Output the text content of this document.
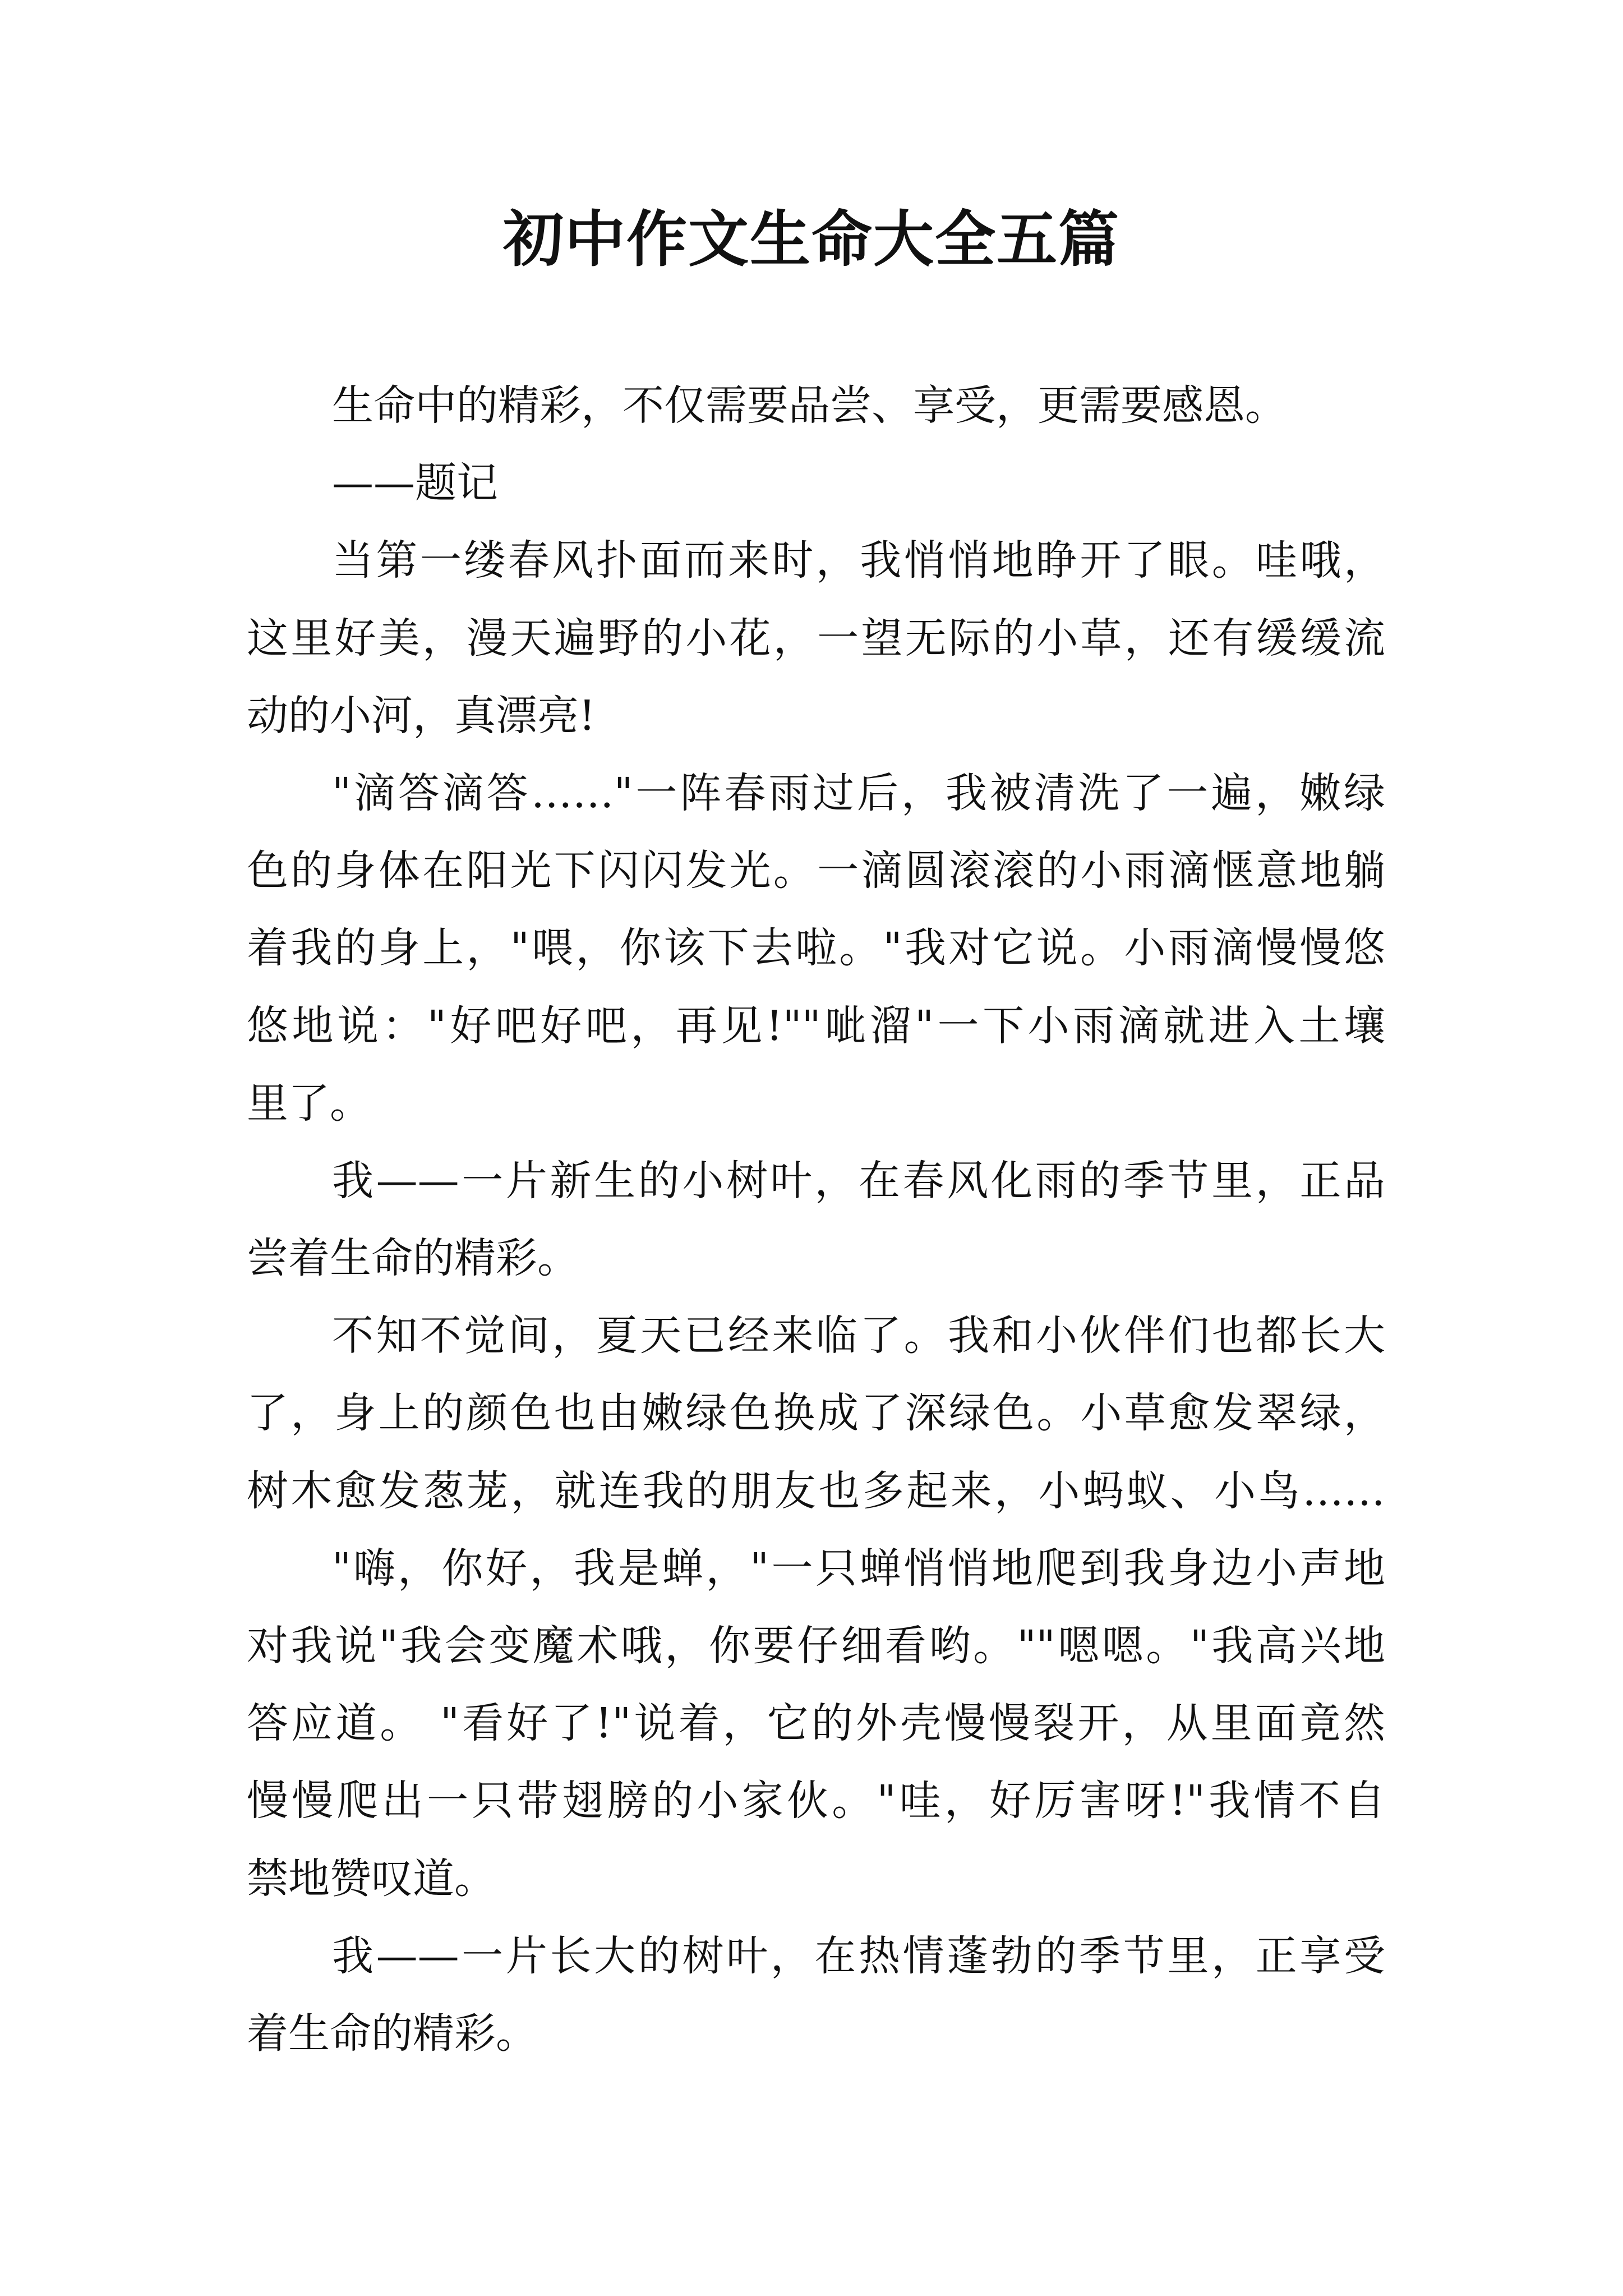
初中作文生命大全五篇
生命中的精彩，不仅需要品尝、享受，更需要感恩。
——题记
当第一缕春风扑面而来时，我悄悄地睁开了眼。哇哦，
这里好美，漫天遍野的小花，一望无际的小草，还有缓缓流
动的小河，真漂亮!
"滴答滴答……"一阵春雨过后，我被清洗了一遍，嫩绿
色的身体在阳光下闪闪发光。一滴圆滚滚的小雨滴惬意地躺
着我的身上，"喂，你该下去啦。"我对它说。小雨滴慢慢悠
悠地说："好吧好吧，再见!""呲溜"一下小雨滴就进入土壤
里了。
我——一片新生的小树叶，在春风化雨的季节里，正品
尝着生命的精彩。
不知不觉间，夏天已经来临了。我和小伙伴们也都长大
了，身上的颜色也由嫩绿色换成了深绿色。小草愈发翠绿，
树木愈发葱茏，就连我的朋友也多起来，小蚂蚁、小鸟……
"嗨，你好，我是蝉，"一只蝉悄悄地爬到我身边小声地
对我说"我会变魔术哦，你要仔细看哟。""嗯嗯。"我高兴地
答应道。 "看好了!"说着，它的外壳慢慢裂开，从里面竟然
慢慢爬出一只带翅膀的小家伙。"哇，好厉害呀!"我情不自
禁地赞叹道。
我——一片长大的树叶，在热情蓬勃的季节里，正享受
着生命的精彩。
